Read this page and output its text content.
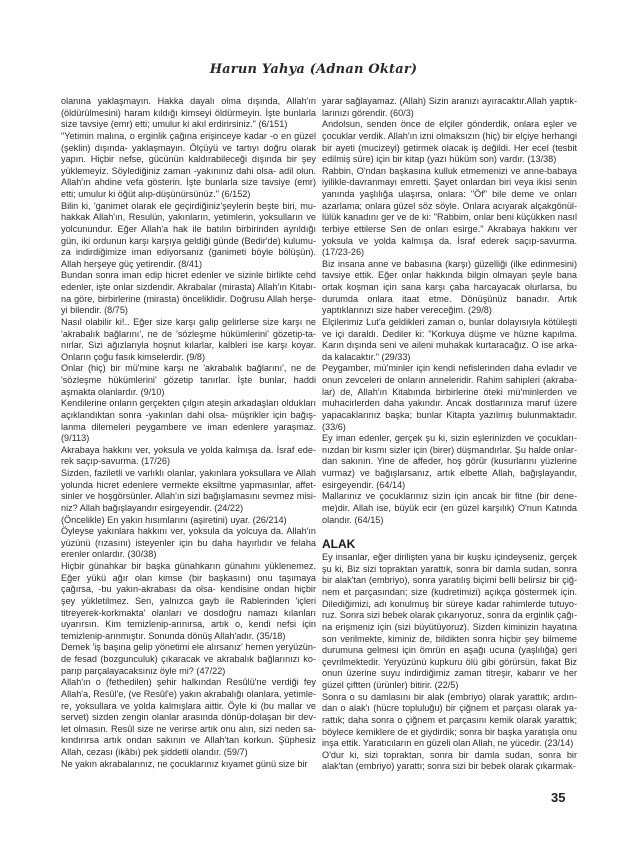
Harun Yahya (Adnan Oktar)

olanına yaklaşmayın. Hakka dayalı olma dışında, Allah'ın (öldürülmesini) haram kıldığı kimseyi öldürmeyin. İşte bunlarla size tavsiye (emr) etti; umulur ki akıl erdirirsiniz." (6/151)

"Yetimin malına, o erginlik çağına erişinceye kadar -o en güzel (şeklin) dışında- yaklaşmayın. Ölçüyü ve tartıyı doğru olarak yapın. Hiçbir nefse, gücünün kaldırabileceği dışında bir şey yüklemeyiz. Söylediğiniz zaman -yakınınız dahi olsa- adil olun. Allah'ın ahdine vefa gösterin. İşte bunlarla size tavsiye (emr) etti; umulur ki öğüt alıp-düşünürsünüz." (6/152)

Bilin ki, 'ganimet olarak ele geçirdiğiniz'şeylerin beşte biri, muhakkak Allah'ın, Resulün, yakınların, yetimlerin, yoksulların ve yolcunundur. Eğer Allah'a hak ile batılın birbirinden ayrıldığı gün, iki ordunun karşı karşıya geldiği günde (Bedir'de) kulumuza indirdiğimize iman ediyorsanız (ganimeti böyle bölüşün). Allah herşeye güç yetirendir. (8/41)

Bundan sonra iman edip hicret edenler ve sizinle birlikte cehd edenler, işte onlar sizdendir. Akrabalar (mirasta) Allah'ın Kitabına göre, birbirlerine (mirasta) önceliklidir. Doğrusu Allah herşeyi bilendir. (8/75)

Nasıl olabilir ki!.. Eğer size karşı galip gelirlerse size karşı ne 'akrabalık bağlarını', ne de 'sözleşme hükümlerini' gözetip-tanırlar. Sizi ağızlarıyla hoşnut kılarlar, kalbleri ise karşı koyar. Onların çoğu fasık kimselerdir. (9/8)

Onlar (hiç) bir mü'mine karşı ne 'akrabalık bağlarını', ne de 'sözleşme hükümlerini' gözetip tanırlar. İşte bunlar, haddi aşmakta olanlardır. (9/10)

Kendilerine onların gerçekten çılgın ateşin arkadaşları oldukları açıklandıktan sonra -yakınları dahi olsa- müşrikler için bağışlanma dilemeleri peygambere ve iman edenlere yaraşmaz. (9/113)

Akrabaya hakkını ver, yoksula ve yolda kalmışa da. İsraf ederek saçıp-savurma. (17/26)

Sizden, faziletli ve varlıklı olanlar, yakınlara yoksullara ve Allah yolunda hicret edenlere vermekte eksiltme yapmasınlar, affetsinler ve hoşgörsünler. Allah'ın sizi bağışlamasını sevmez misiniz? Allah bağışlayandır esirgeyendir. (24/22)

(Öncelikle) En yakın hısımlarını (aşiretini) uyar. (26/214)

Öyleyse yakınlara hakkını ver, yoksula da yolcuya da. Allah'ın yüzünü (rızasını) isteyenler için bu daha hayırlıdır ve felaha erenler onlardır. (30/38)

Hiçbir günahkar bir başka günahkarın günahını yüklenemez. Eğer yükü ağır olan kimse (bir başkasını) onu taşımaya çağırsa, -bu yakın-akrabası da olsa- kendisine ondan hiçbir şey yükletilmez. Sen, yalnızca gayb ile Rablerinden 'içleri titreyerek-korkmakta' olanları ve dosdoğru namazı kılanları uyarırsın. Kim temizlenip-arınırsa, artık o, kendi nefsi için temizlenip-arınmıştır. Sonunda dönüş Allah'adır. (35/18)

Demek 'iş başına gelip yönetimi ele alırsanız' hemen yeryüzünde fesad (bozgunculuk) çıkaracak ve akrabalık bağlarınızı koparıp parçalayacaksınız öyle mi? (47/22)

Allah'ın o (fethedilen) şehir halkından Resûlü'ne verdiği fey Allah'a, Resûl'e, (ve Resûl'e) yakın akrabalığı olanlara, yetimlere, yoksullara ve yolda kalmışlara aittir. Öyle ki (bu mallar ve servet) sizden zengin olanlar arasında dönüp-dolaşan bir devlet olmasın. Resûl size ne verirse artık onu alın, sizi neden sakındırırsa artık ondan sakının ve Allah'tan korkun. Şüphesiz Allah, cezası (ikâbı) pek şiddetli olandır. (59/7)

Ne yakın akrabalarınız, ne çocuklarınız kıyamet günü size bir

yarar sağlayamaz. (Allah) Sizin aranızı ayıracaktır.Allah yaptıklarınızı görendir. (60/3)

Andolsun, senden önce de elçiler gönderdik, onlara eşler ve çocuklar verdik. Allah'ın izni olmaksızın (hiç) bir elçiye herhangi bir ayeti (mucizeyi) getirmek olacak iş değildi. Her ecel (tesbit edilmiş süre) için bir kitap (yazı hüküm son) vardır. (13/38)

Rabbin, O'ndan başkasına kulluk etmemenizi ve anne-babaya iyilikle-davranmayı emretti. Şayet onlardan biri veya ikisi senin yanında yaşlılığa ulaşırsa, onlara: "Öf" bile deme ve onları azarlama; onlara güzel söz söyle. Onlara acıyarak alçakgönüllülük kanadını ger ve de ki: "Rabbim, onlar beni küçükken nasıl terbiye ettilerse Sen de onları esirge." Akrabaya hakkını ver yoksula ve yolda kalmışa da. İsraf ederek saçıp-savurma. (17/23-26)

Biz insana anne ve babasına (karşı) güzelliği (ilke edinmesini) tavsiye ettik. Eğer onlar hakkında bilgin olmayan şeyle bana ortak koşman için sana karşı çaba harcayacak olurlarsa, bu durumda onlara itaat etme. Dönüşünüz banadır. Artık yaptıklarınızı size haber vereceğim. (29/8)

Elçilerimiz Lut'a geldikleri zaman o, bunlar dolayısıyla kötüleşti ve içi daraldı. Dediler ki: "Korkuya düşme ve hüzne kapılma. Karın dışında seni ve aileni muhakak kurtaracağız. O ise arkada kalacaktır." (29/33)

Peygamber, mü'minler için kendi nefislerinden daha evladır ve onun zevceleri de onların anneleridir. Rahim sahipleri (akrabalar) de, Allah'ın Kitabında birbirlerine öteki mü'minlerden ve muhacirlerden daha yakındır. Ancak dostlarınıza maruf üzere yapacaklarınız başka; bunlar Kitapta yazılmış bulunmaktadır. (33/6)

Ey iman edenler, gerçek şu ki, sizin eşlerinizden ve çocuklarınızdan bir kısmı sizler için (birer) düşmandırlar. Şu halde onlardan sakının. Yine de affeder, hoş görür (kusurlarını yüzlerine vurmaz) ve bağışlarsanız, artık elbette Allah, bağışlayandır, esirgeyendir. (64/14)

Mallarınız ve çocuklarınız sizin için ancak bir fitne (bir deneme)dir. Allah ise, büyük ecir (en güzel karşılık) O'nun Katında olandır. (64/15)

ALAK

Ey insanlar, eğer dirilişten yana bir kuşku içindeyseniz, gerçek şu ki, Biz sizi topraktan yarattık, sonra bir damla sudan, sonra bir alak'tan (embriyo), sonra yaratılış biçimi belli belirsiz bir çiğnem et parçasından; size (kudretimizi) açıkça göstermek için. Dilediğimizi, adı konulmuş bir süreye kadar rahimlerde tutuyoruz. Sonra sizi bebek olarak çıkarıyoruz, sonra da erginlik çağına erişmeniz için (sizi büyütüyoruz). Sizden kiminizin hayatına son verilmekte, kiminiz de, bildikten sonra hiçbir şey bilmeme durumuna gelmesi için ömrün en aşağı ucuna (yaşlılığa) geri çevrilmektedir. Yeryüzünü kupkuru ölü gibi görürsün, fakat Biz onun üzerine suyu indirdiğimiz zaman titreşir, kabarır ve her güzel çiftten (ürünler) bitirir. (22/5)

Sonra o su damlasını bir alak (embriyo) olarak yarattık; ardından o alak'ı (hücre topluluğu) bir çiğnem et parçası olarak yarattık; daha sonra o çiğnem et parçasını kemik olarak yarattık; böylece kemiklere de et giydirdik; sonra bir başka yaratışla onu inşa ettik. Yaratıcıların en güzeli olan Allah, ne yücedir. (23/14)

O'dur ki, sizi topraktan, sonra bir damla sudan, sonra bir alak'tan (embriyo) yarattı; sonra sizi bir bebek olarak çıkarmak-

35
